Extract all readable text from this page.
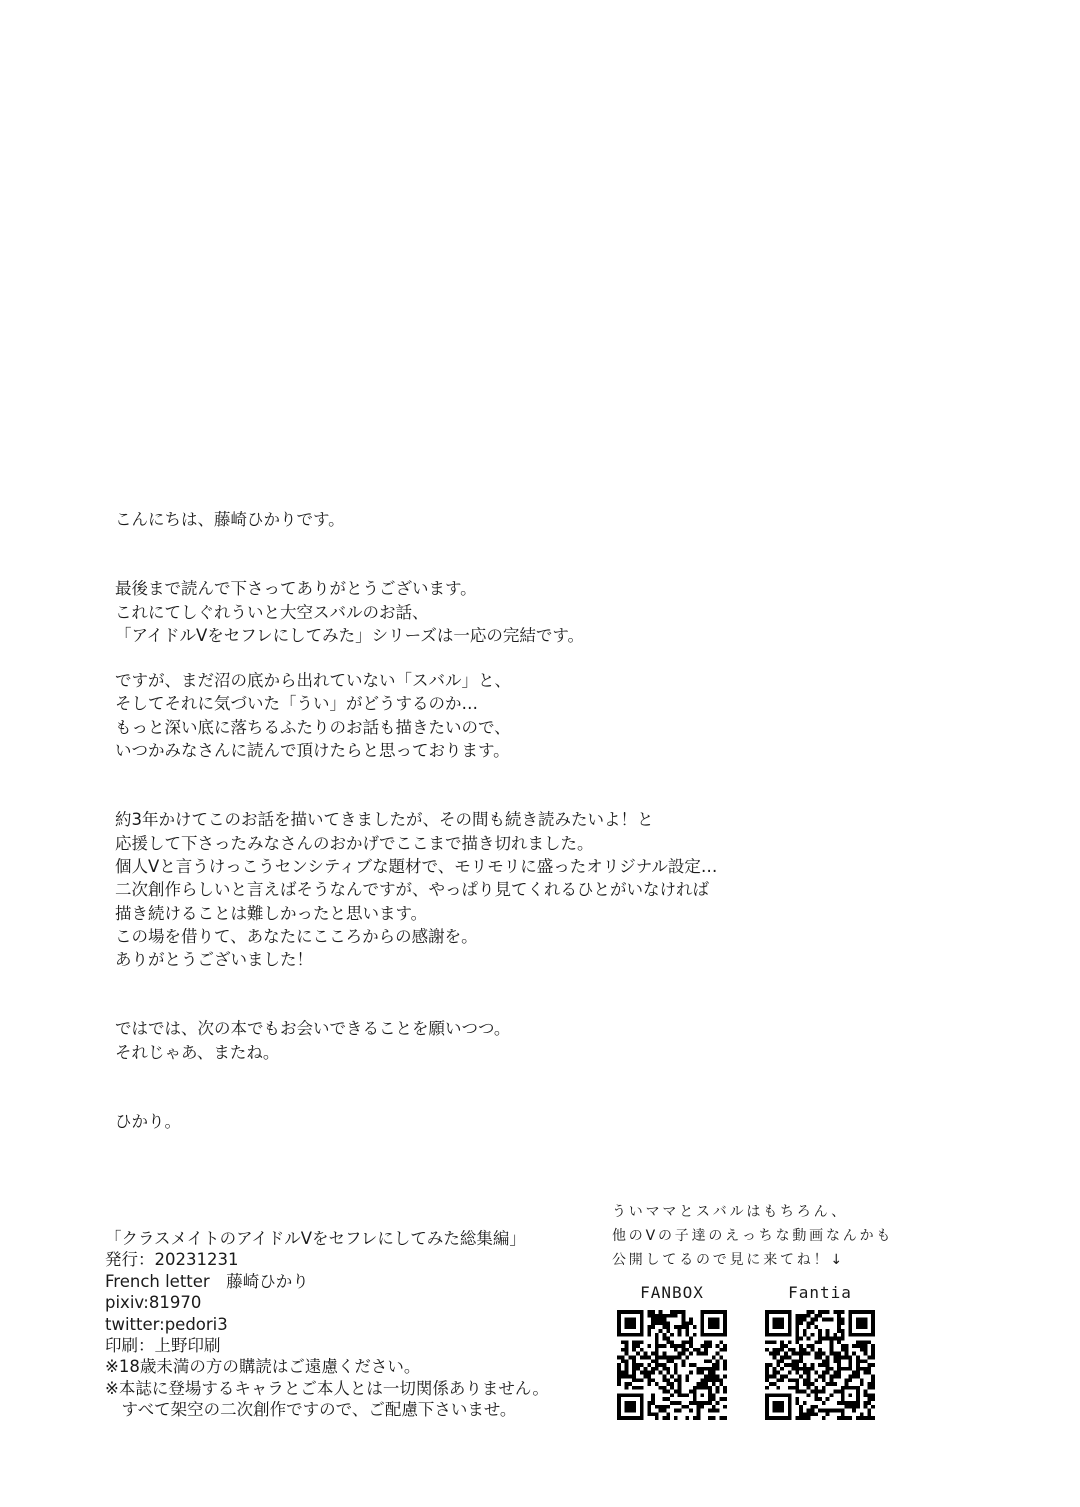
こんにちは、藤崎ひかりです。

最後まで読んで下さってありがとうございます。

これにてしぐれういと大空スバルのお話、

「アイドルVをセフレにしてみた」シリーズは一応の完結です。

ですが、まだ沼の底から出れていない「スバル」と、

そしてそれに気づいた「うい」がどうするのか…

もっと深い底に落ちるふたりのお話も描きたいので、

いつかみなさんに読んで頂けたらと思っております。

約3年かけてこのお話を描いてきましたが、その間も続き読みたいよ！と

応援して下さったみなさんのおかげでここまで描き切れました。

個人Vと言うけっこうセンシティブな題材で、モリモリに盛ったオリジナル設定…

二次創作らしいと言えばそうなんですが、やっぱり見てくれるひとがいなければ

描き続けることは難しかったと思います。

この場を借りて、あなたにこころからの感謝を。

ありがとうございました！

ではでは、次の本でもお会いできることを願いつつ。

それじゃあ、またね。

ひかり。

「クラスメイトのアイドルVをセフレにしてみた総集編」

発行：20231231

French letter　藤崎ひかり

pixiv:81970

twitter:pedori3

印刷：上野印刷

※18歳未満の方の購読はご遠慮ください。

※本誌に登場するキャラとご本人とは一切関係ありません。

　すべて架空の二次創作ですので、ご配慮下さいませ。

ういママとスバルはもちろん、

他のVの子達のえっちな動画なんかも

公開してるので見に来てね！↓

FANBOX	Fantia
